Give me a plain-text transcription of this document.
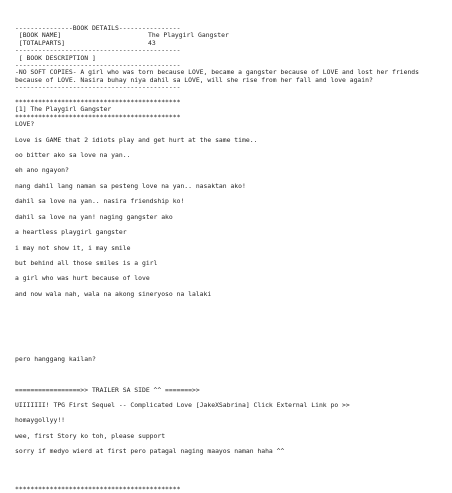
---------------BOOK DETAILS----------------
[BOOK NAME]	The Playgirl Gangster
[TOTALPARTS]	43
-------------------------------------------
[ BOOK DESCRIPTION ]
-------------------------------------------
-NO SOFT COPIES- A girl who was torn because LOVE, became a gangster because of LOVE and lost her friends because of LOVE. Nasira buhay niya dahil sa LOVE, will she rise from her fall and love again?
-------------------------------------------
*******************************************
[1] The Playgirl Gangster
*******************************************
LOVE?
Love is GAME that 2 idiots play and get hurt at the same time..
oo bitter ako sa love na yan..
eh ano ngayon?
nang dahil lang naman sa pesteng love na yan.. nasaktan ako!
dahil sa love na yan.. nasira friendship ko!
dahil sa love na yan! naging gangster ako
a heartless playgirl gangster
i may not show it, i may smile
but behind all those smiles is a girl
a girl who was hurt because of love
and now wala nah, wala na akong sineryoso na lalaki
pero hanggang kailan?
=================>> TRAILER SA SIDE ^^ =======>>
UIIIIIII! TPG First Sequel -- Complicated Love [JakeXSabrina] Click External Link po >>
homaygollyy!!
wee, first Story ko toh, please support
sorry if medyo wierd at first pero patagal naging maayos naman haha ^^
*******************************************
